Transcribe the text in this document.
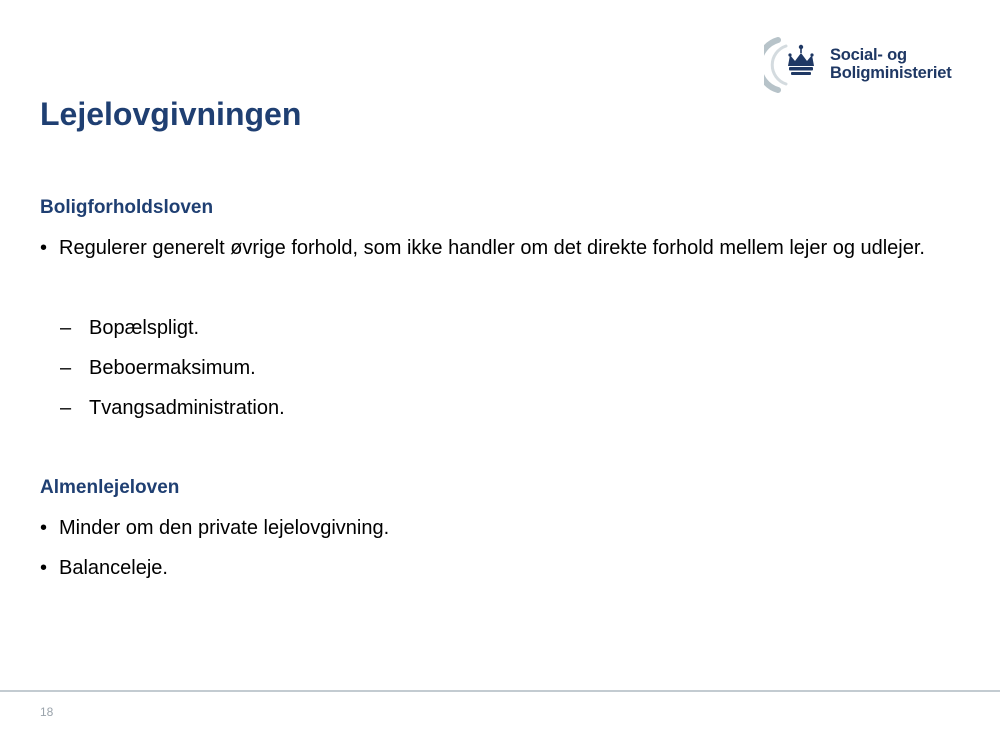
Social- og
Boligministeriet
Lejelovgivningen
Boligforholdsloven
• Regulerer generelt øvrige forhold, som ikke handler om det direkte forhold mellem lejer og udlejer.
– Bopælspligt.
– Beboermaksimum.
– Tvangsadministration.
Almenlejeloven
• Minder om den private lejelovgivning.
• Balanceleje.
18
